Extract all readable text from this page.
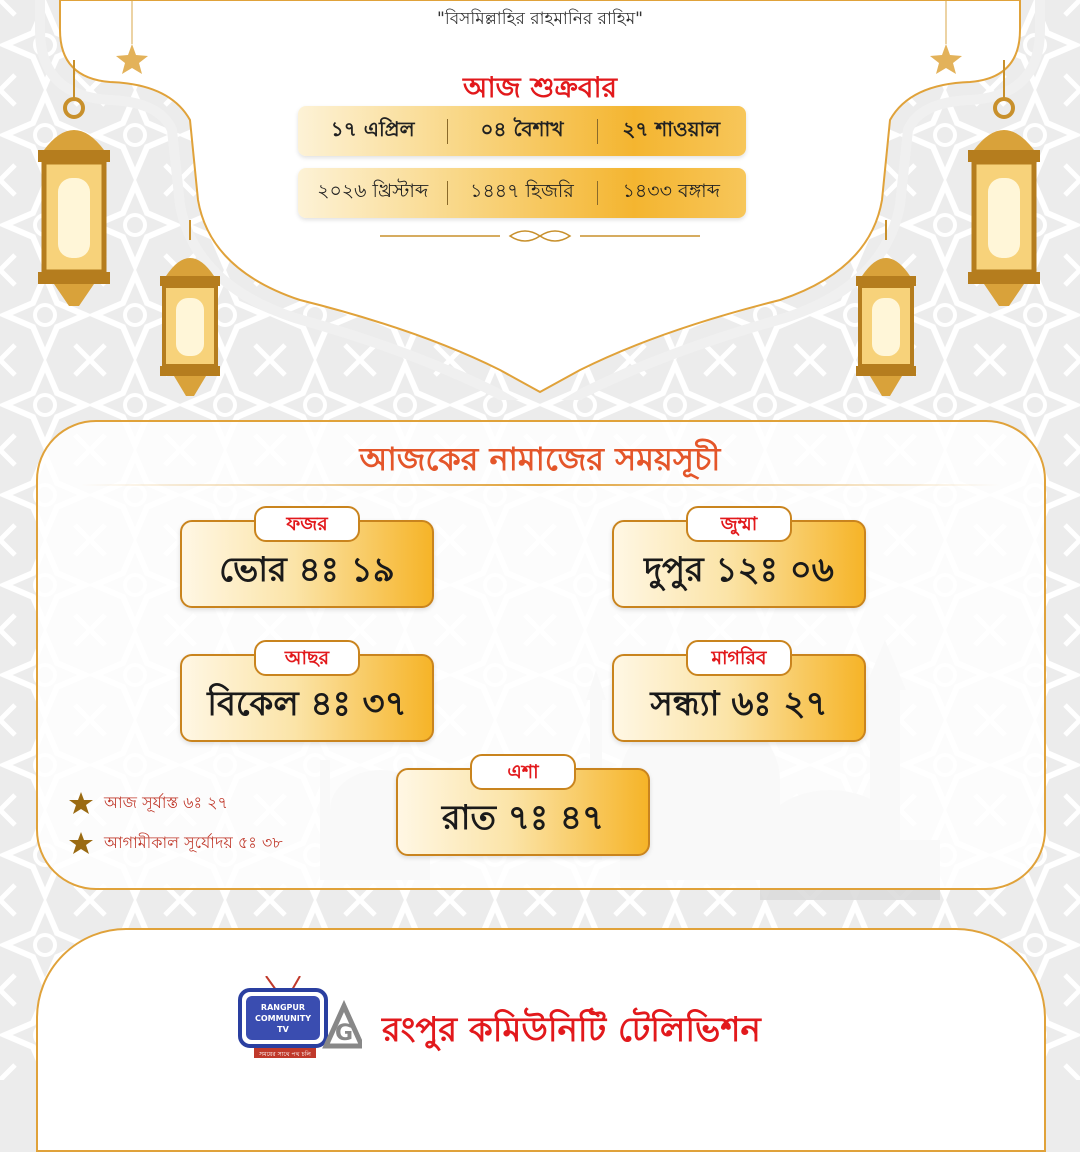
"বিসমিল্লাহির রাহমানির রাহিম"
আজ শুক্রবার
১৭ এপ্রিল	০৪ বৈশাখ	২৭ শাওয়াল
২০২৬ খ্রিস্টাব্দ	১৪৪৭ হিজরি	১৪৩৩ বঙ্গাব্দ
আজকের নামাজের সময়সূচী
ফজর
ভোর ৪ঃ ১৯
জুম্মা
দুপুর ১২ঃ ০৬
আছর
বিকেল ৪ঃ ৩৭
মাগরিব
সন্ধ্যা ৬ঃ ২৭
এশা
রাত ৭ঃ ৪৭
আজ সূর্যাস্ত ৬ঃ ২৭
আগামীকাল সূর্যোদয় ৫ঃ ৩৮
RANGPUR
COMMUNITY
TV
সময়ের সাথে পথ চলি
G রংপুর কমিউনিটি টেলিভিশন
